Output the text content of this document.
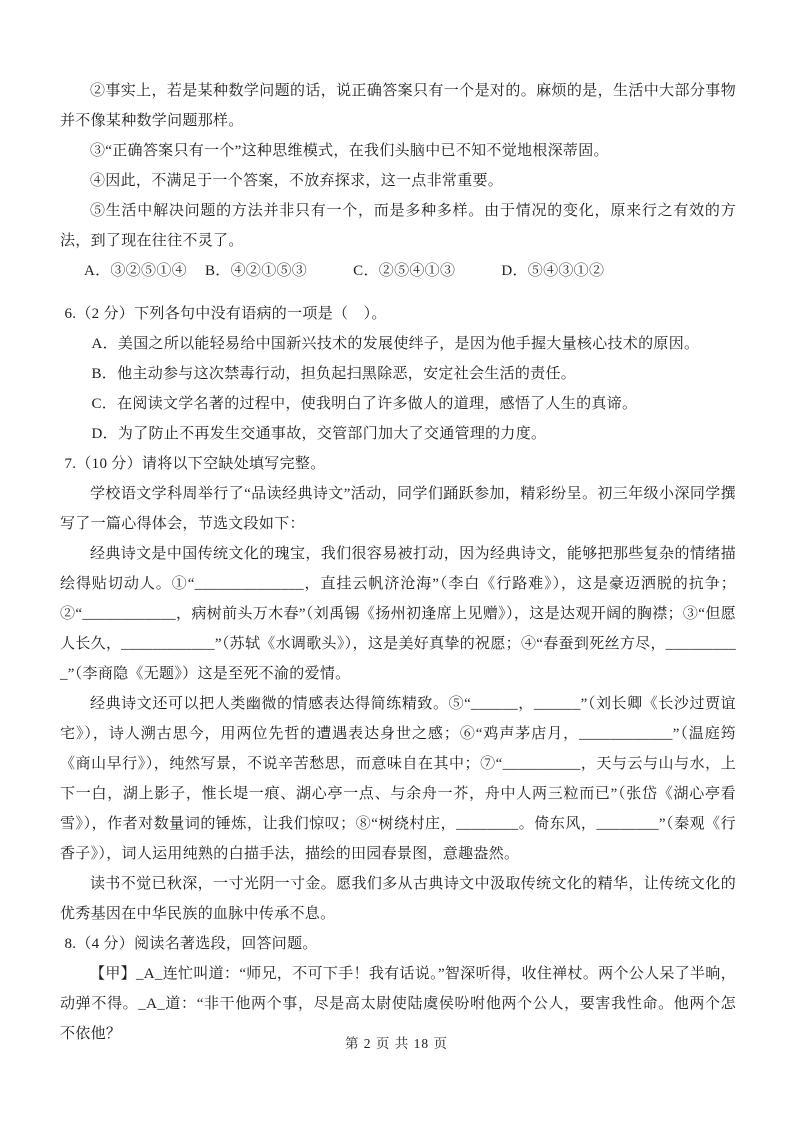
②事实上，若是某种数学问题的话，说正确答案只有一个是对的。麻烦的是，生活中大部分事物并不像某种数学问题那样。

③“正确答案只有一个”这种思维模式，在我们头脑中已不知不觉地根深蒂固。

④因此，不满足于一个答案，不放弃探求，这一点非常重要。

⑤生活中解决问题的方法并非只有一个，而是多种多样。由于情况的变化，原来行之有效的方法，到了现在往往不灵了。

A．③②⑤①④ B．④②①⑤③	C．②⑤④①③	D．⑤④③①②

6.（2 分）下列各句中没有语病的一项是（　）。

A．美国之所以能轻易给中国新兴技术的发展使绊子，是因为他手握大量核心技术的原因。

B．他主动参与这次禁毒行动，担负起扫黑除恶，安定社会生活的责任。

C．在阅读文学名著的过程中，使我明白了许多做人的道理，感悟了人生的真谛。

D．为了防止不再发生交通事故，交管部门加大了交通管理的力度。

7.（10 分）请将以下空缺处填写完整。

学校语文学科周举行了“品读经典诗文”活动，同学们踊跃参加，精彩纷呈。初三年级小深同学撰写了一篇心得体会，节选文段如下：

经典诗文是中国传统文化的瑰宝，我们很容易被打动，因为经典诗文，能够把那些复杂的情绪描绘得贴切动人。①“______________，直挂云帆济沧海”（李白《行路难》），这是豪迈洒脱的抗争；②“____________，病树前头万木春”（刘禹锡《扬州初逢席上见赠》），这是达观开阔的胸襟；③“但愿人长久，____________”（苏轼《水调歌头》），这是美好真挚的祝愿；④“春蚕到死丝方尽，__________”（李商隐《无题》）这是至死不渝的爱情。

经典诗文还可以把人类幽微的情感表达得简练精致。⑤“______，______”（刘长卿《长沙过贾谊宅》），诗人溯古思今，用两位先哲的遭遇表达身世之感；⑥“鸡声茅店月，____________”（温庭筠《商山早行》），纯然写景，不说辛苦愁思，而意味自在其中；⑦“__________，天与云与山与水，上下一白，湖上影子，惟长堤一痕、湖心亭一点、与余舟一芥，舟中人两三粒而已”（张岱《湖心亭看雪》），作者对数量词的锤炼，让我们惊叹；⑧“树绕村庄，________。倚东风，________”（秦观《行香子》），词人运用纯熟的白描手法，描绘的田园春景图，意趣盎然。

读书不觉已秋深，一寸光阴一寸金。愿我们多从古典诗文中汲取传统文化的精华，让传统文化的优秀基因在中华民族的血脉中传承不息。

8.（4 分）阅读名著选段，回答问题。

【甲】_A_连忙叫道：“师兄，不可下手！我有话说。”智深听得，收住禅杖。两个公人呆了半晌，动弹不得。_A_道：“非干他两个事，尽是高太尉使陆虞侯吩咐他两个公人，要害我性命。他两个怎不依他？

第 2 页 共 18 页
